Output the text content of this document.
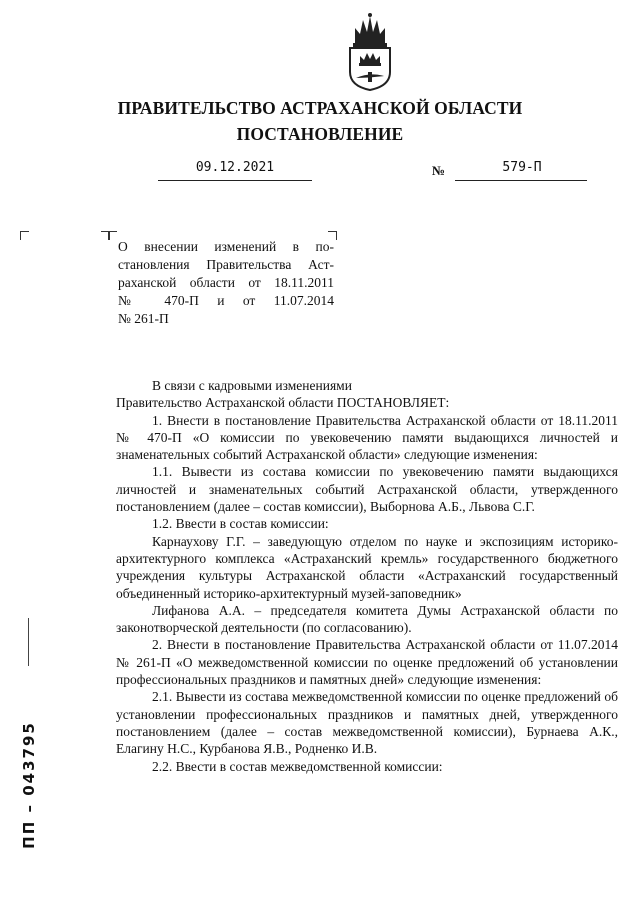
ПРАВИТЕЛЬСТВО АСТРАХАНСКОЙ ОБЛАСТИ
ПОСТАНОВЛЕНИЕ
09.12.2021	№	579-П
О внесении изменений в по-
становления Правительства Аст-
раханской области от 18.11.2011
№ 470-П и от 11.07.2014
№ 261-П

В связи с кадровыми изменениями

Правительство Астраханской области ПОСТАНОВЛЯЕТ:

1. Внести в постановление Правительства Астраханской области от 18.11.2011 № 470-П «О комиссии по увековечению памяти выдающихся личностей и знаменательных событий Астраханской области» следующие изменения:

1.1. Вывести из состава комиссии по увековечению памяти выдающихся личностей и знаменательных событий Астраханской области, утвержденного постановлением (далее – состав комиссии), Выборнова А.Б., Львова С.Г.

1.2. Ввести в состав комиссии:

Карнаухову Г.Г. – заведующую отделом по науке и экспозициям историко-архитектурного комплекса «Астраханский кремль» государственного бюджетного учреждения культуры Астраханской области «Астраханский государственный объединенный историко-архитектурный музей-заповедник»

Лифанова А.А. – председателя комитета Думы Астраханской области по законотворческой деятельности (по согласованию).

2. Внести в постановление Правительства Астраханской области от 11.07.2014 № 261-П «О межведомственной комиссии по оценке предложений об установлении профессиональных праздников и памятных дней» следующие изменения:

2.1. Вывести из состава межведомственной комиссии по оценке предложений об установлении профессиональных праздников и памятных дней, утвержденного постановлением (далее – состав межведомственной комиссии), Бурнаева А.К., Елагину Н.С., Курбанова Я.В., Родненко И.В.

2.2. Ввести в состав межведомственной комиссии:

ПП – 043795
